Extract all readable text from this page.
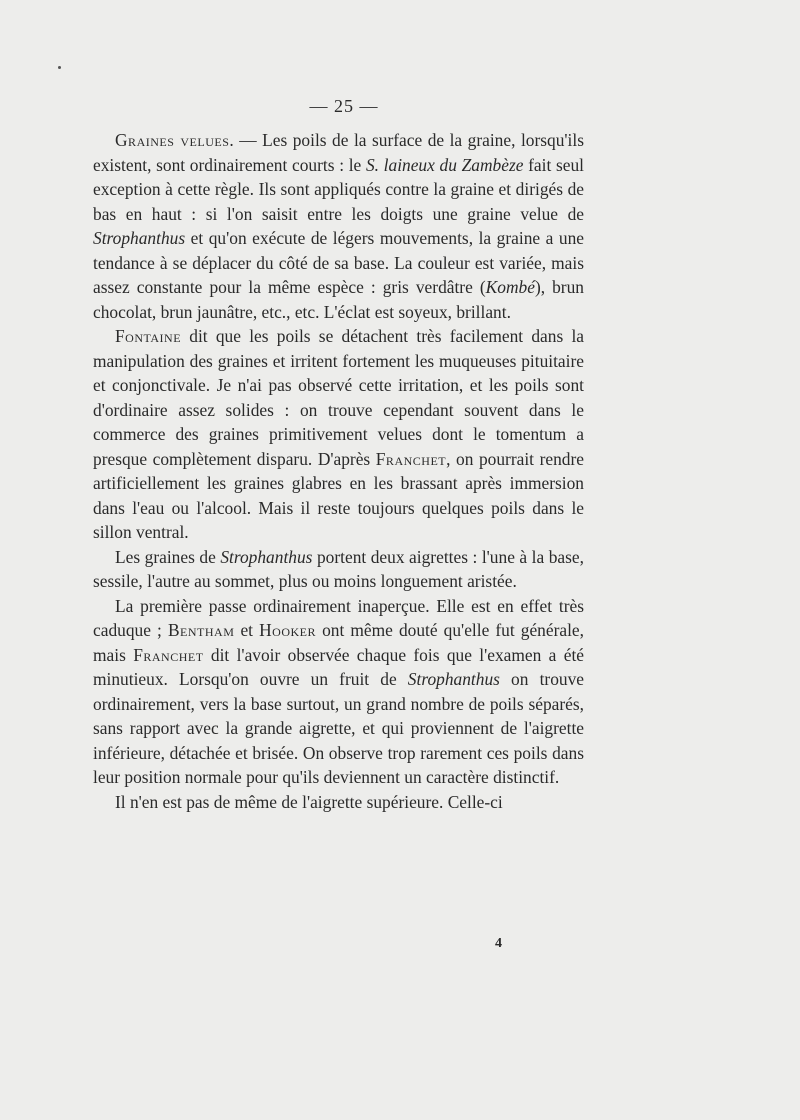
— 25 —

Graines velues. — Les poils de la surface de la graine, lorsqu'ils existent, sont ordinairement courts : le S. laineux du Zambèze fait seul exception à cette règle. Ils sont appliqués contre la graine et dirigés de bas en haut : si l'on saisit entre les doigts une graine velue de Strophanthus et qu'on exécute de légers mouvements, la graine a une tendance à se déplacer du côté de sa base. La couleur est variée, mais assez constante pour la même espèce : gris verdâtre (Kombé), brun chocolat, brun jaunâtre, etc., etc. L'éclat est soyeux, brillant.

Fontaine dit que les poils se détachent très facilement dans la manipulation des graines et irritent fortement les muqueuses pituitaire et conjonctivale. Je n'ai pas observé cette irritation, et les poils sont d'ordinaire assez solides : on trouve cependant souvent dans le commerce des graines primitivement velues dont le tomentum a presque complètement disparu. D'après Franchet, on pourrait rendre artificiellement les graines glabres en les brassant après immersion dans l'eau ou l'alcool. Mais il reste toujours quelques poils dans le sillon ventral.

Les graines de Strophanthus portent deux aigrettes : l'une à la base, sessile, l'autre au sommet, plus ou moins longuement aristée.

La première passe ordinairement inaperçue. Elle est en effet très caduque ; Bentham et Hooker ont même douté qu'elle fut générale, mais Franchet dit l'avoir observée chaque fois que l'examen a été minutieux. Lorsqu'on ouvre un fruit de Strophanthus on trouve ordinairement, vers la base surtout, un grand nombre de poils séparés, sans rapport avec la grande aigrette, et qui proviennent de l'aigrette inférieure, détachée et brisée. On observe trop rarement ces poils dans leur position normale pour qu'ils deviennent un caractère distinctif.

Il n'en est pas de même de l'aigrette supérieure. Celle-ci

4
